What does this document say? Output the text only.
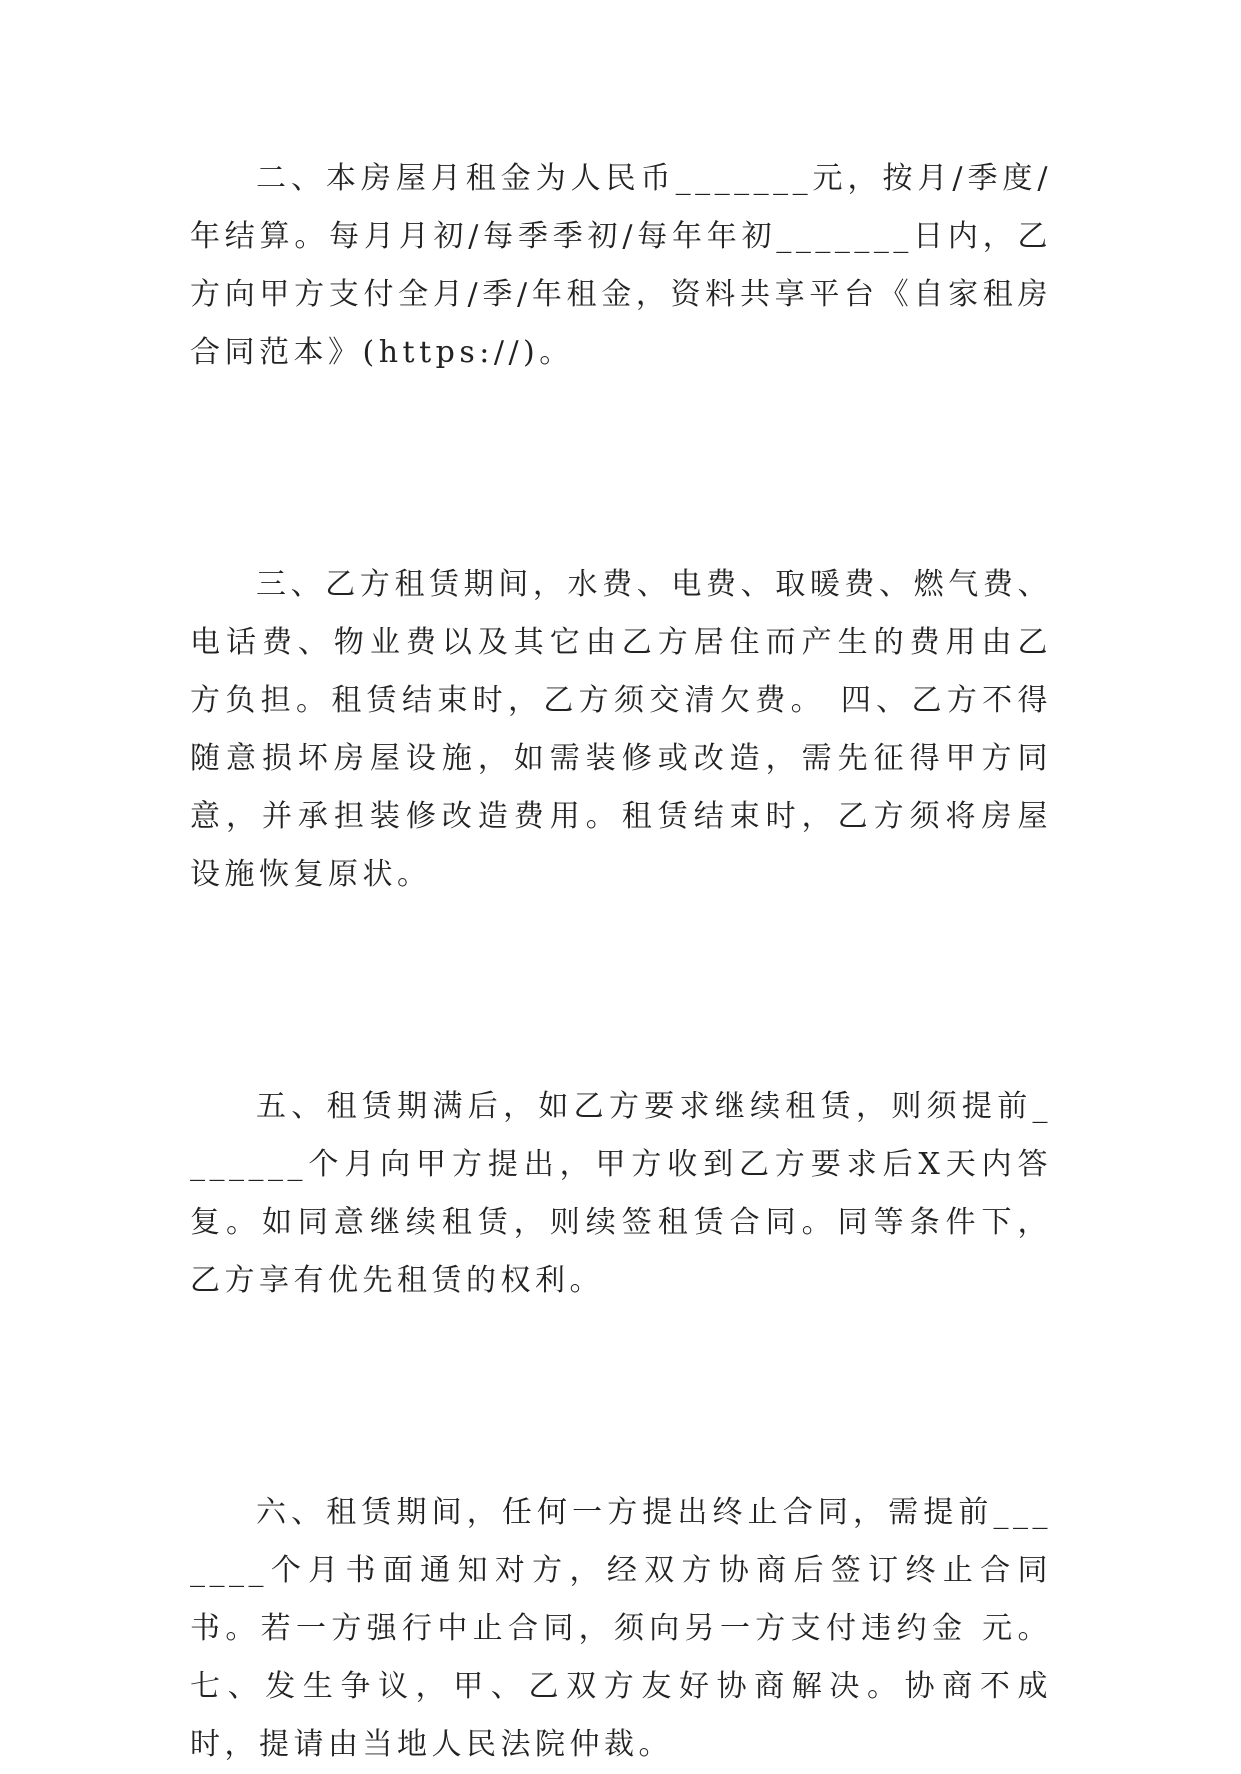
二、本房屋月租金为人民币_______元，按月/季度/年结算。每月月初/每季季初/每年年初_______日内，乙方向甲方支付全月/季/年租金，资料共享平台《自家租房合同范本》(https://)。

三、乙方租赁期间，水费、电费、取暖费、燃气费、电话费、物业费以及其它由乙方居住而产生的费用由乙方负担。租赁结束时，乙方须交清欠费。 四、乙方不得随意损坏房屋设施，如需装修或改造，需先征得甲方同意，并承担装修改造费用。租赁结束时，乙方须将房屋设施恢复原状。

五、租赁期满后，如乙方要求继续租赁，则须提前_______个月向甲方提出，甲方收到乙方要求后X天内答复。如同意继续租赁，则续签租赁合同。同等条件下，乙方享有优先租赁的权利。

六、租赁期间，任何一方提出终止合同，需提前_______个月书面通知对方，经双方协商后签订终止合同书。若一方强行中止合同，须向另一方支付违约金 元。 七、发生争议，甲、乙双方友好协商解决。协商不成时，提请由当地人民法院仲裁。
